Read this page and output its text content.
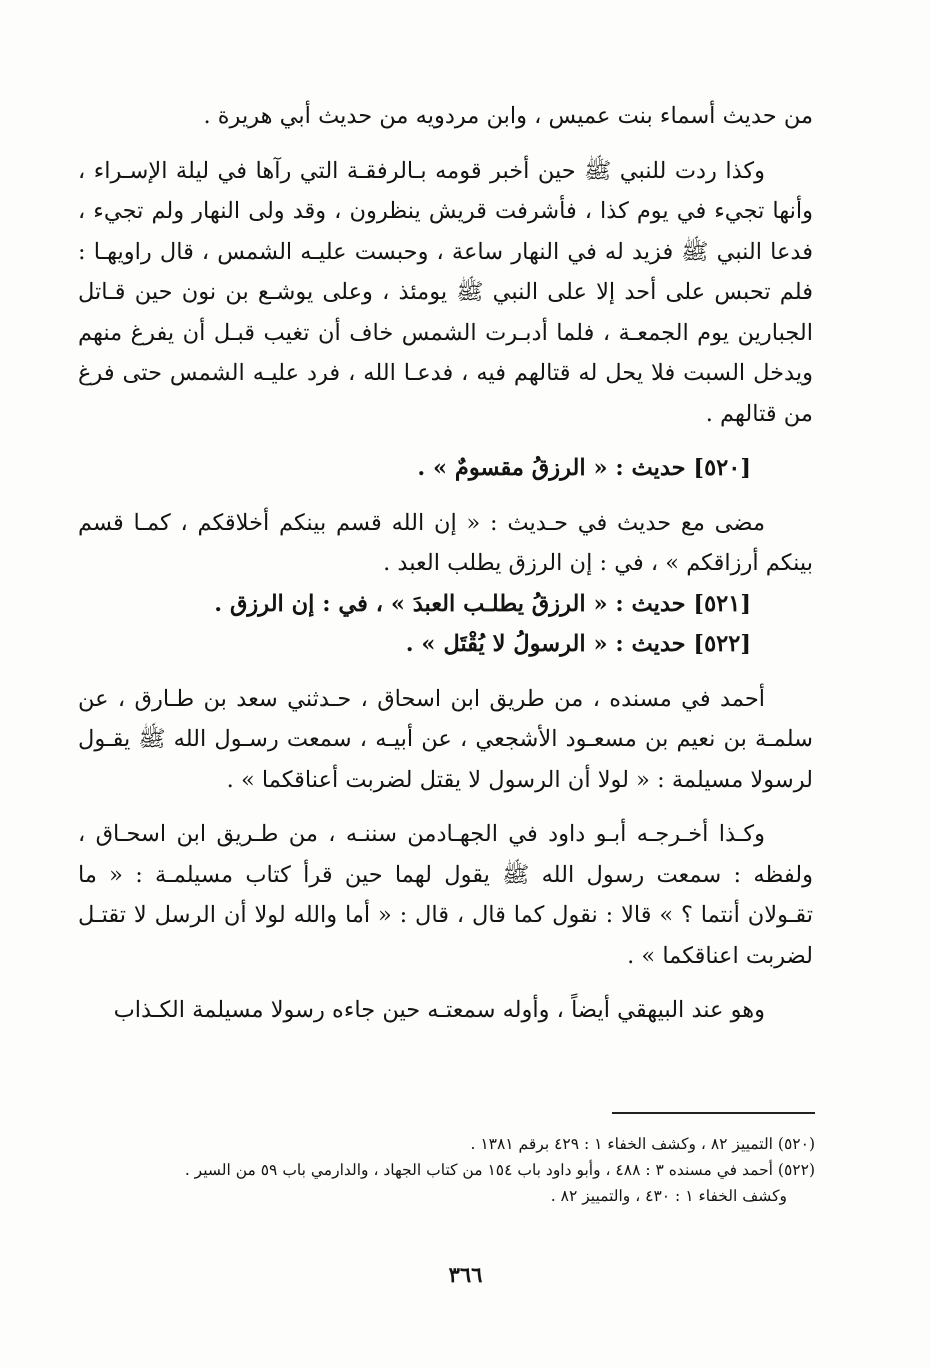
من حديث أسماء بنت عميس ، وابن مردويه من حديث أبي هريرة .

وكذا ردت للنبي ﷺ حين أخبر قومه بـالرفقـة التي رآها في ليلة الإسـراء ، وأنها تجيء في يوم كذا ، فأشرفت قريش ينظرون ، وقد ولى النهار ولم تجيء ، فدعا النبي ﷺ فزيد له في النهار ساعة ، وحبست عليـه الشمس ، قال راويهـا : فلم تحبس على أحد إلا على النبي ﷺ يومئذ ، وعلى يوشـع بن نون حين قـاتل الجبارين يوم الجمعـة ، فلما أدبـرت الشمس خاف أن تغيب قبـل أن يفرغ منهم ويدخل السبت فلا يحل له قتالهم فيه ، فدعـا الله ، فرد عليـه الشمس حتى فرغ من قتالهم .

[٥٢٠] حديث : « الرزقُ مقسومٌ » .

مضى مع حديث في حـديث : « إن الله قسم بينكم أخلاقكم ، كمـا قسم بينكم أرزاقكم » ، في : إن الرزق يطلب العبد .

[٥٢١] حديث : « الرزقُ يطلـب العبدَ » ، في : إن الرزق .

[٥٢٢] حديث : « الرسولُ لا يُقْتَل » .

أحمد في مسنده ، من طريق ابن اسحاق ، حـدثني سعد بن طـارق ، عن سلمـة بن نعيم بن مسعـود الأشجعي ، عن أبيـه ، سمعت رسـول الله ﷺ يقـول لرسولا مسيلمة : « لولا أن الرسول لا يقتل لضربت أعناقكما » .

وكـذا أخـرجـه أبـو داود في الجهـادمن سننـه ، من طـريق ابن اسحـاق ، ولفظه : سمعت رسول الله ﷺ يقول لهما حين قرأ كتاب مسيلمـة : « ما تقـولان أنتما ؟ » قالا : نقول كما قال ، قال : « أما والله لولا أن الرسل لا تقتـل لضربت اعناقكما » .

وهو عند البيهقي أيضاً ، وأوله سمعتـه حين جاءه رسولا مسيلمة الكـذاب

(٥٢٠) التمييز ٨٢ ، وكشف الخفاء ١ : ٤٢٩ برقم ١٣٨١ .

(٥٢٢) أحمد في مسنده ٣ : ٤٨٨ ، وأبو داود باب ١٥٤ من كتاب الجهاد ، والدارمي باب ٥٩ من السير .

وكشف الخفاء ١ : ٤٣٠ ، والتمييز ٨٢ .

٣٦٦
